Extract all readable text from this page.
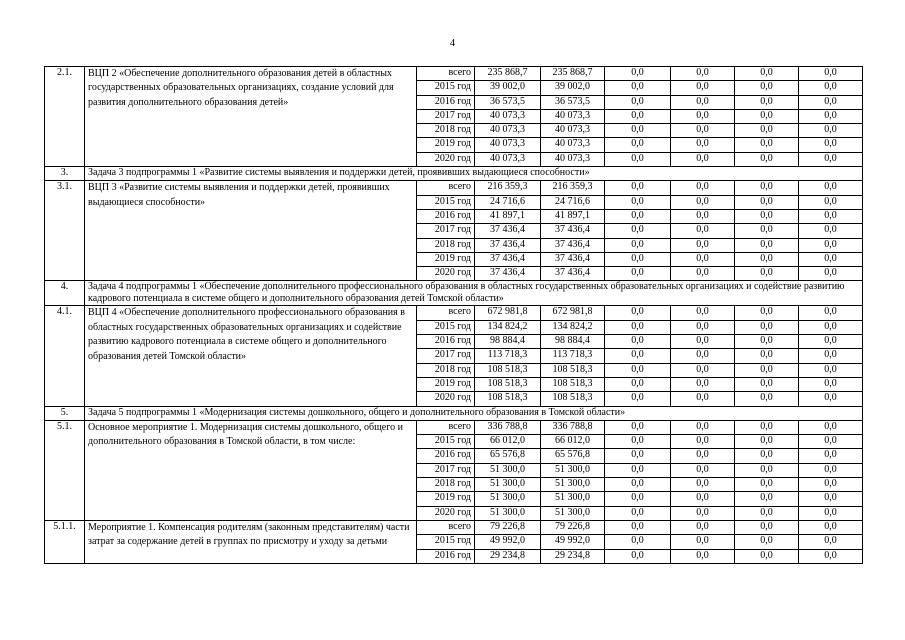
4
2.1.	ВЦП 2 «Обеспечение дополнительного образования детей в областных государственных образовательных организациях, создание условий для развития дополнительного образования детей»	всего	235 868,7	235 868,7	0,0	0,0	0,0	0,0
		2015 год	39 002,0	39 002,0	0,0	0,0	0,0	0,0
		2016 год	36 573,5	36 573,5	0,0	0,0	0,0	0,0
		2017 год	40 073,3	40 073,3	0,0	0,0	0,0	0,0
		2018 год	40 073,3	40 073,3	0,0	0,0	0,0	0,0
		2019 год	40 073,3	40 073,3	0,0	0,0	0,0	0,0
		2020 год	40 073,3	40 073,3	0,0	0,0	0,0	0,0
3.	Задача 3 подпрограммы 1 «Развитие системы выявления и поддержки детей, проявивших выдающиеся способности»							
3.1.	ВЦП 3 «Развитие системы выявления и поддержки детей, проявивших выдающиеся способности»	всего	216 359,3	216 359,3	0,0	0,0	0,0	0,0
		2015 год	24 716,6	24 716,6	0,0	0,0	0,0	0,0
		2016 год	41 897,1	41 897,1	0,0	0,0	0,0	0,0
		2017 год	37 436,4	37 436,4	0,0	0,0	0,0	0,0
		2018 год	37 436,4	37 436,4	0,0	0,0	0,0	0,0
		2019 год	37 436,4	37 436,4	0,0	0,0	0,0	0,0
		2020 год	37 436,4	37 436,4	0,0	0,0	0,0	0,0
4.	Задача 4 подпрограммы 1 «Обеспечение дополнительного профессионального образования в областных государственных образовательных организациях и содействие развитию кадрового потенциала в системе общего и дополнительного образования детей Томской области»							
4.1.	ВЦП 4 «Обеспечение дополнительного профессионального образования в областных государственных образовательных организациях и содействие развитию кадрового потенциала в системе общего и дополнительного образования детей Томской области»	всего	672 981,8	672 981,8	0,0	0,0	0,0	0,0
		2015 год	134 824,2	134 824,2	0,0	0,0	0,0	0,0
		2016 год	98 884,4	98 884,4	0,0	0,0	0,0	0,0
		2017 год	113 718,3	113 718,3	0,0	0,0	0,0	0,0
		2018 год	108 518,3	108 518,3	0,0	0,0	0,0	0,0
		2019 год	108 518,3	108 518,3	0,0	0,0	0,0	0,0
		2020 год	108 518,3	108 518,3	0,0	0,0	0,0	0,0
5.	Задача 5 подпрограммы 1 «Модернизация системы дошкольного, общего и дополнительного образования в Томской области»							
5.1.	Основное мероприятие 1. Модернизация системы дошкольного, общего и дополнительного образования в Томской области, в том числе:	всего	336 788,8	336 788,8	0,0	0,0	0,0	0,0
		2015 год	66 012,0	66 012,0	0,0	0,0	0,0	0,0
		2016 год	65 576,8	65 576,8	0,0	0,0	0,0	0,0
		2017 год	51 300,0	51 300,0	0,0	0,0	0,0	0,0
		2018 год	51 300,0	51 300,0	0,0	0,0	0,0	0,0
		2019 год	51 300,0	51 300,0	0,0	0,0	0,0	0,0
		2020 год	51 300,0	51 300,0	0,0	0,0	0,0	0,0
5.1.1.	Мероприятие 1. Компенсация родителям (законным представителям) части затрат за содержание детей в группах по присмотру и уходу за детьми	всего	79 226,8	79 226,8	0,0	0,0	0,0	0,0
		2015 год	49 992,0	49 992,0	0,0	0,0	0,0	0,0
		2016 год	29 234,8	29 234,8	0,0	0,0	0,0	0,0
